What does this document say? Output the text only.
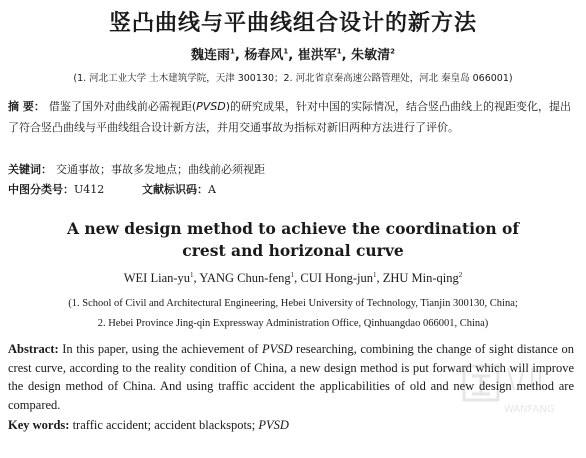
竖凸曲线与平曲线组合设计的新方法
魏连雨$^1$, 杨春风$^1$, 崔洪军$^1$, 朱敏清$^2$
(1. 河北工业大学 土木建筑学院，天津 300130；2. 河北省京秦高速公路管理处，河北 秦皇岛 066001)
摘 要： 借鉴了国外对曲线前必需视距(PVSD)的研究成果，针对中国的实际情况，结合竖凸曲线上的视距变化，提出了符合竖凸曲线与平曲线组合设计新方法，并用交通事故为指标对新旧两种方法进行了评价。
关键词： 交通事故；事故多发地点；曲线前必须视距
中图分类号：U412	文献标识码：A
A new design method to achieve the coordination of
crest and horizonal curve
WEI Lian-$yu^1$, YANG Chun-feng$^1$, CUI Hong-jun$^1$, ZHU Min-qing$^2$
(1. School of Civil and Architectural Engineering, Hebei University of Technology, Tianjin 300130, China;
2. Hebei Province Jing-qin Expressway Administration Office, Qinhuangdao 066001, China)
Abstract: In this paper, using the achievement of PVSD researching, combining the change of sight distance on crest curve, according to the reality condition of China, a new design method is put forward which will improve the design method of China. And using traffic accident the applicabilities of old and new design method are compared.
Key words: traffic accident; accident blackspots; PVSD
WANFANG
